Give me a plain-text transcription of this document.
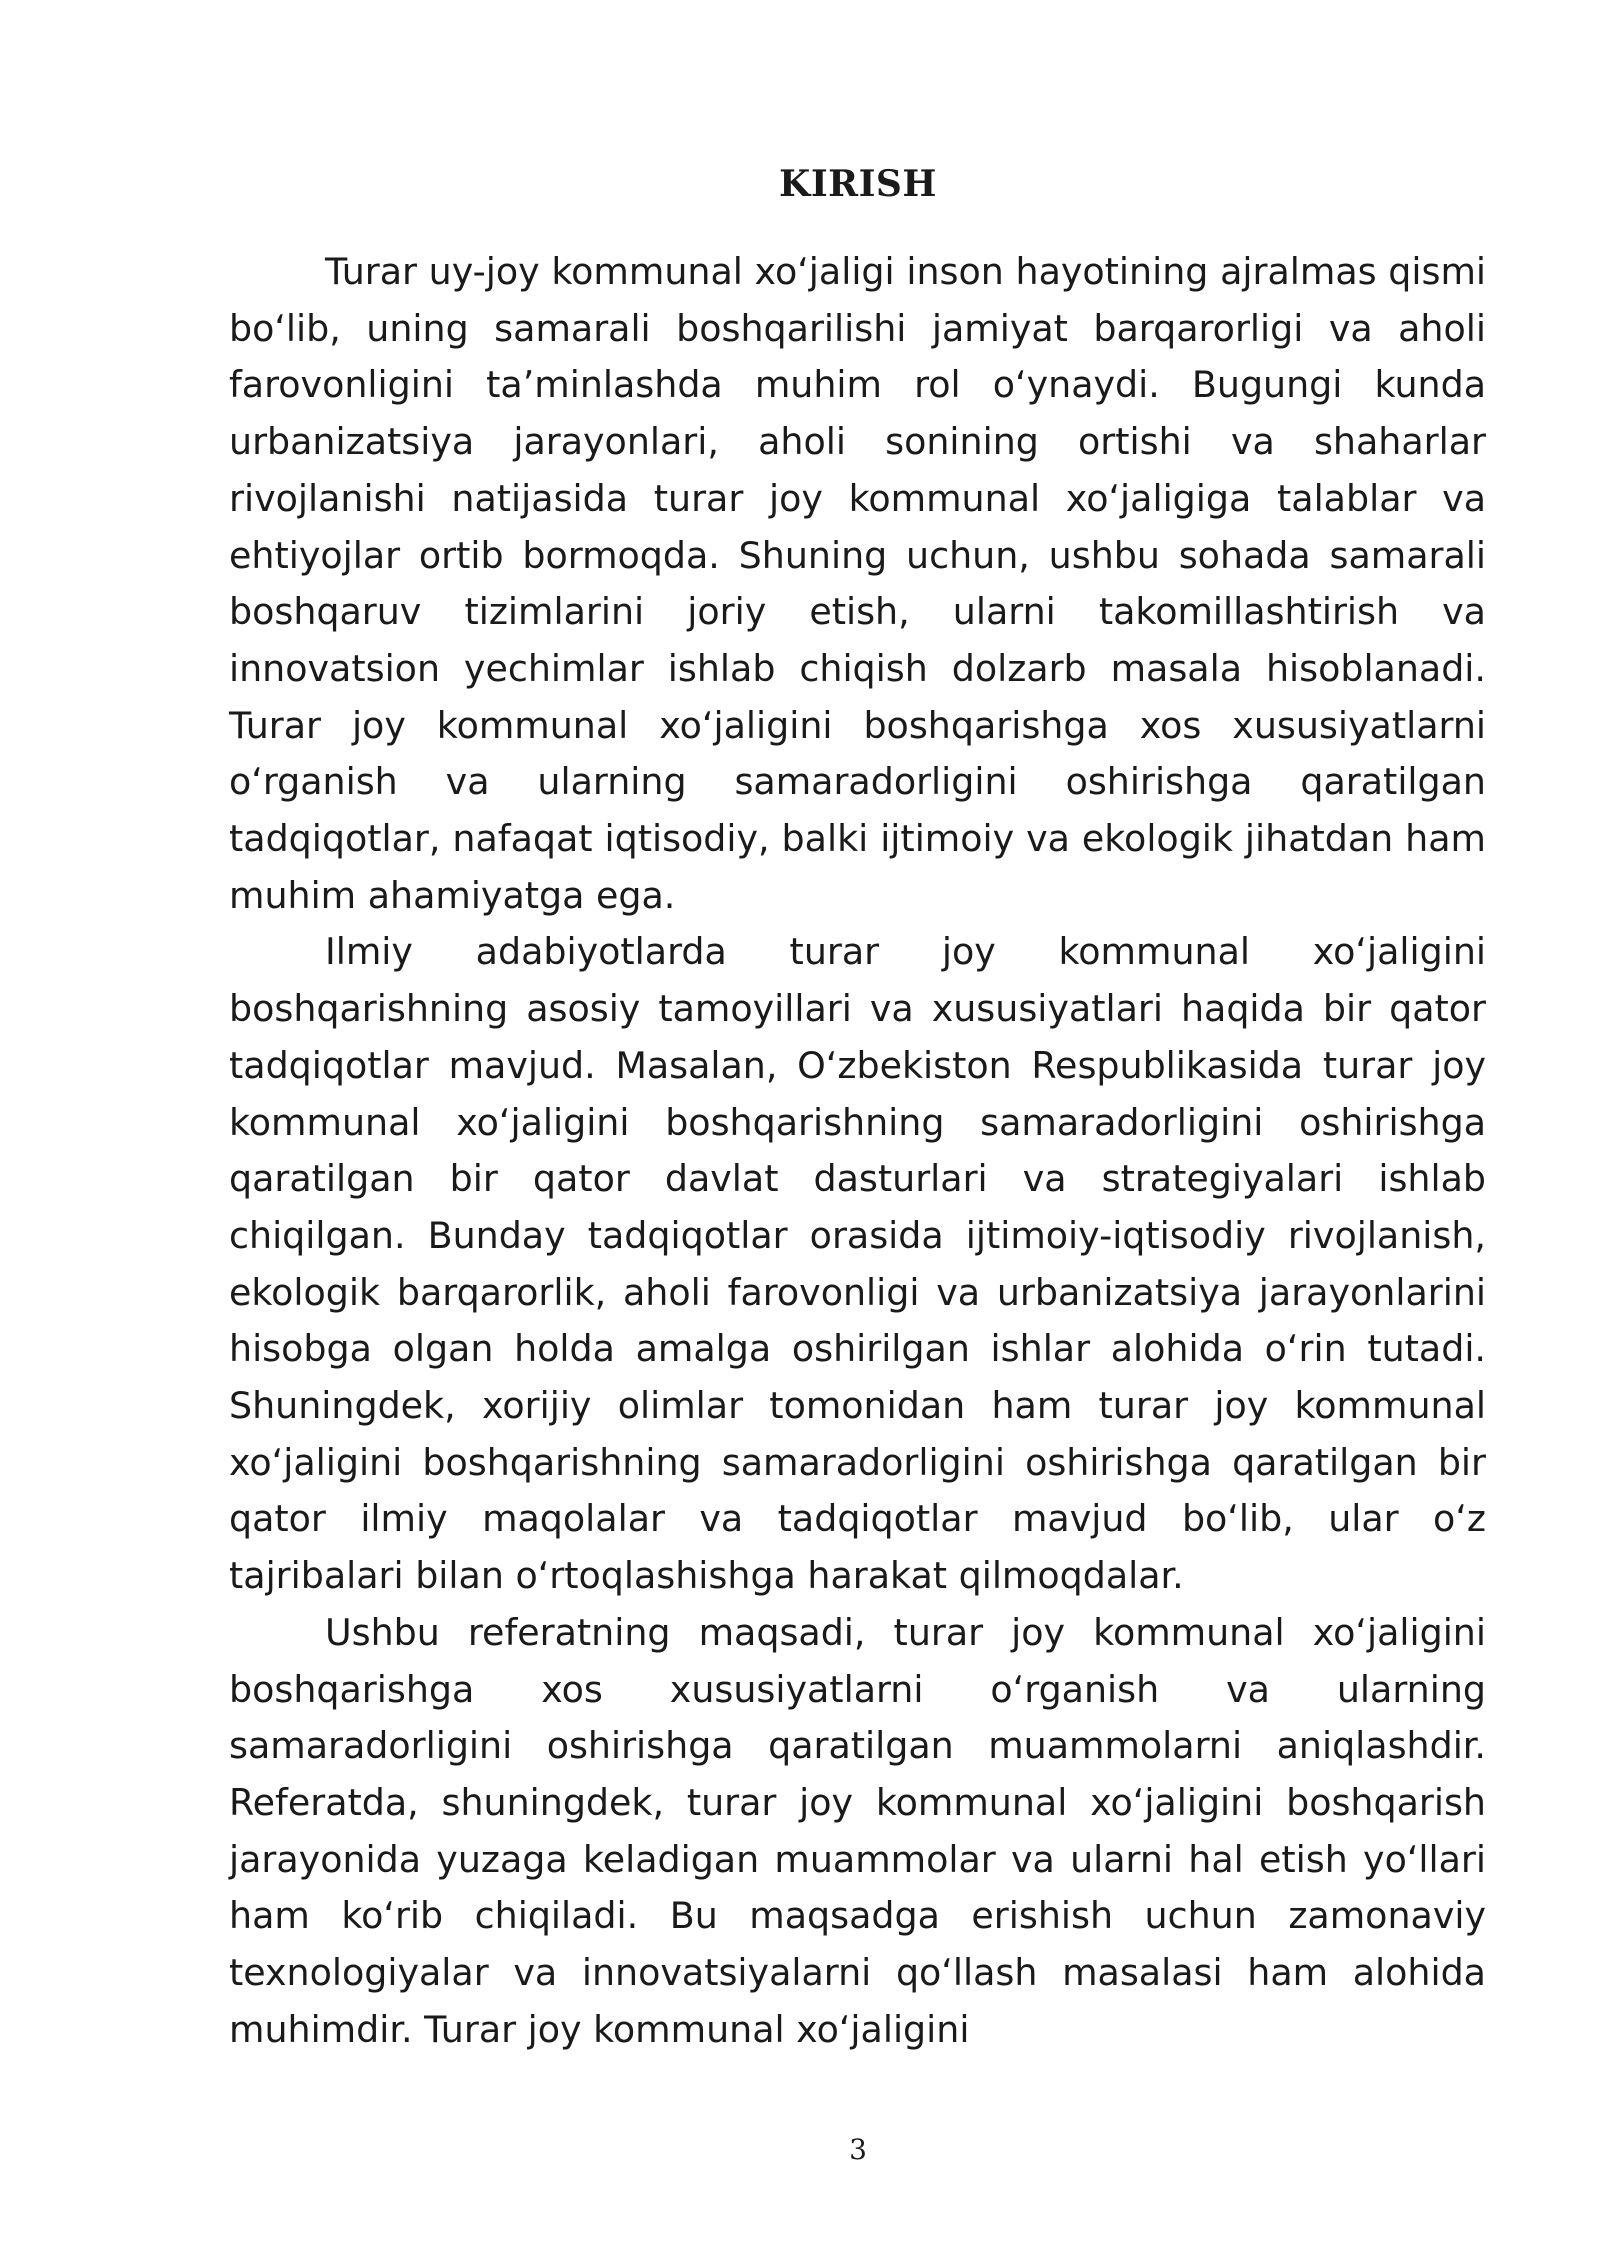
KIRISH

Turar uy-joy kommunal xoʻjaligi inson hayotining ajralmas qismi boʻlib, uning samarali boshqarilishi jamiyat barqarorligi va aholi farovonligini taʼminlashda muhim rol oʻynaydi. Bugungi kunda urbanizatsiya jarayonlari, aholi sonining ortishi va shaharlar rivojlanishi natijasida turar joy kommunal xoʻjaligiga talablar va ehtiyojlar ortib bormoqda. Shuning uchun, ushbu sohada samarali boshqaruv tizimlarini joriy etish, ularni takomillashtirish va innovatsion yechimlar ishlab chiqish dolzarb masala hisoblanadi. Turar joy kommunal xoʻjaligini boshqarishga xos xususiyatlarni oʻrganish va ularning samaradorligini oshirishga qaratilgan tadqiqotlar, nafaqat iqtisodiy, balki ijtimoiy va ekologik jihatdan ham muhim ahamiyatga ega.

Ilmiy adabiyotlarda turar joy kommunal xoʻjaligini boshqarishning asosiy tamoyillari va xususiyatlari haqida bir qator tadqiqotlar mavjud. Masalan, Oʻzbekiston Respublikasida turar joy kommunal xoʻjaligini boshqarishning samaradorligini oshirishga qaratilgan bir qator davlat dasturlari va strategiyalari ishlab chiqilgan. Bunday tadqiqotlar orasida ijtimoiy-iqtisodiy rivojlanish, ekologik barqarorlik, aholi farovonligi va urbanizatsiya jarayonlarini hisobga olgan holda amalga oshirilgan ishlar alohida oʻrin tutadi. Shuningdek, xorijiy olimlar tomonidan ham turar joy kommunal xoʻjaligini boshqarishning samaradorligini oshirishga qaratilgan bir qator ilmiy maqolalar va tadqiqotlar mavjud boʻlib, ular oʻz tajribalari bilan oʻrtoqlashishga harakat qilmoqdalar.

Ushbu referatning maqsadi, turar joy kommunal xoʻjaligini boshqarishga xos xususiyatlarni oʻrganish va ularning samaradorligini oshirishga qaratilgan muammolarni aniqlashdir. Referatda, shuningdek, turar joy kommunal xoʻjaligini boshqarish jarayonida yuzaga keladigan muammolar va ularni hal etish yoʻllari ham koʻrib chiqiladi. Bu maqsadga erishish uchun zamonaviy texnologiyalar va innovatsiyalarni qoʻllash masalasi ham alohida muhimdir. Turar joy kommunal xoʻjaligini

3
